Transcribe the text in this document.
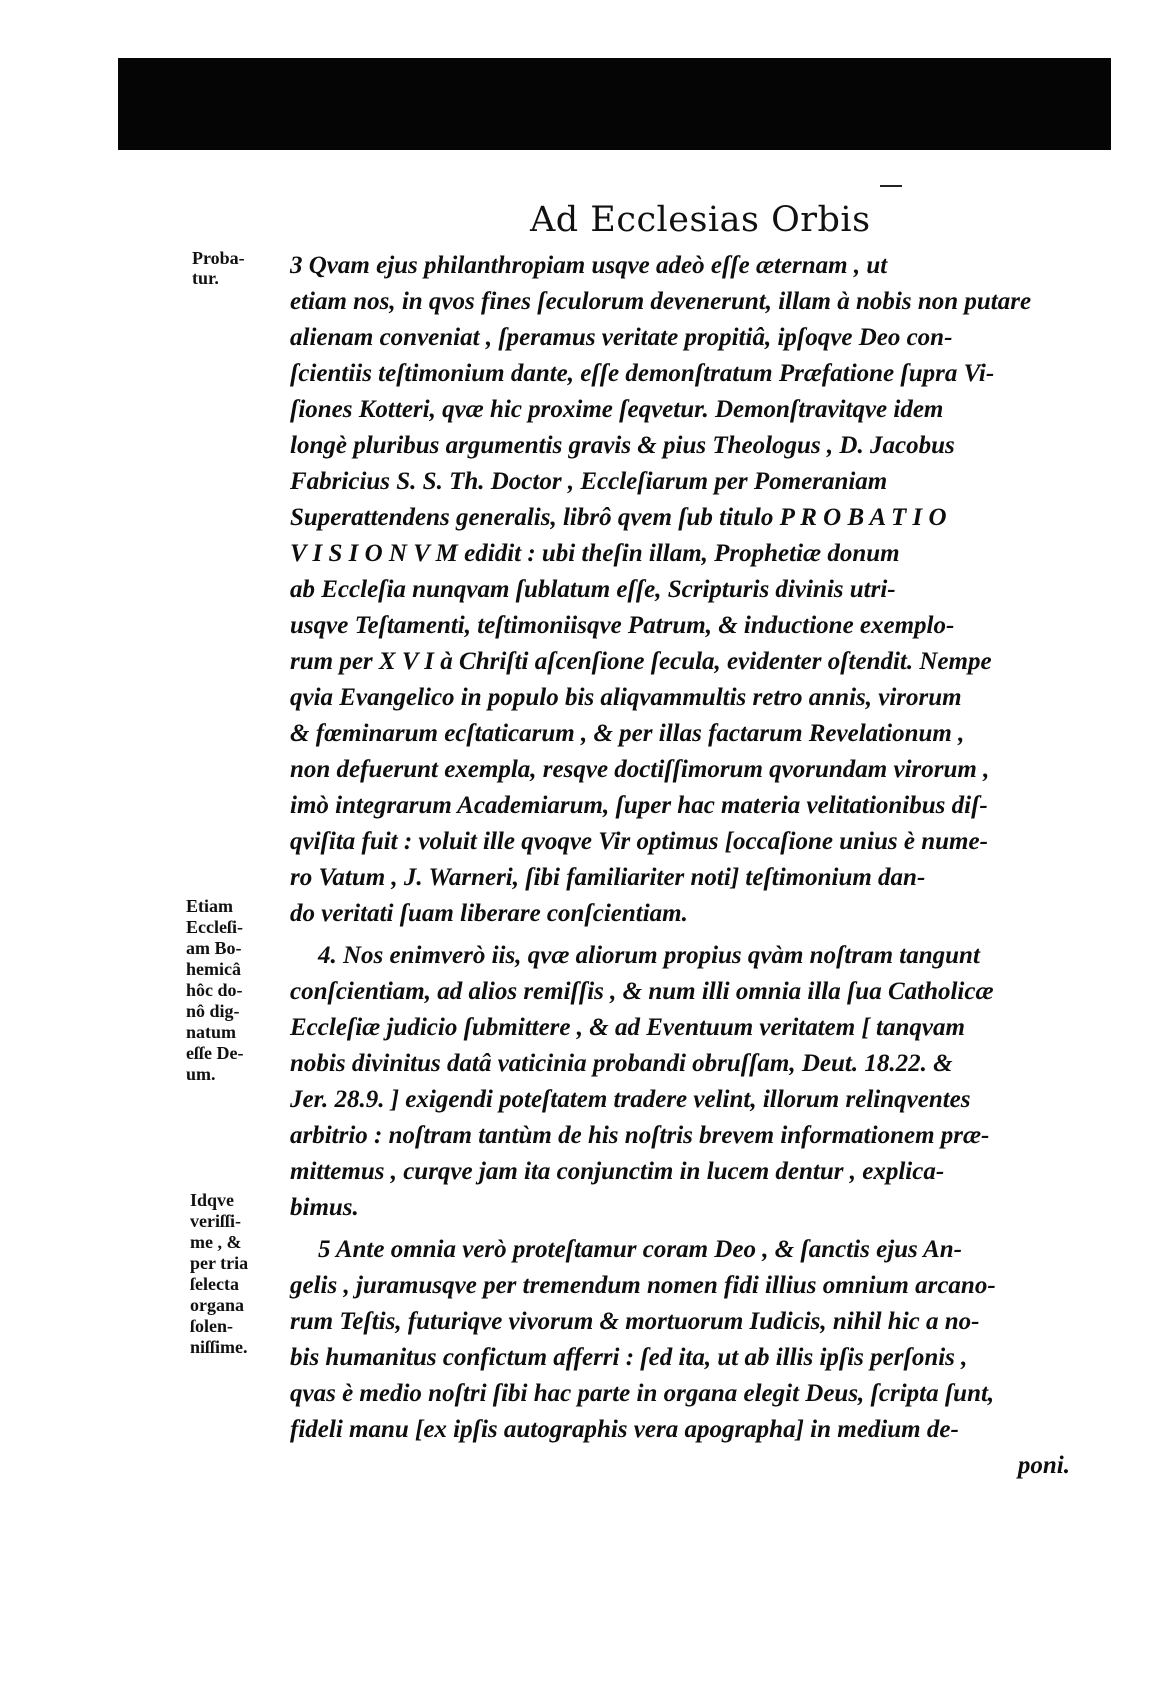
Ad Ecclesias Orbis
Proba-
tur.
Etiam
Eccleſi-
am Bo-
hemicâ
hôc do-
nô dig-
natum
eſſe De-
um.
Idqve
veriſſi-
me , &
per tria
ſelecta
organa
ſolen-
niſſime.
3 Qvam ejus philanthropiam usqve adeò eſſe æternam , ut
etiam nos, in qvos fines ſeculorum devenerunt, illam à nobis non putare
alienam conveniat , ſperamus veritate propitiâ, ipſoqve Deo con-
ſcientiis teſtimonium dante, eſſe demonſtratum Præfatione ſupra Vi-
ſiones Kotteri, qvæ hic proxime ſeqvetur. Demonſtravitqve idem
longè pluribus argumentis gravis & pius Theologus , D. Jacobus
Fabricius S. S. Th. Doctor , Eccleſiarum per Pomeraniam
Superattendens generalis, librô qvem ſub titulo P R O B A T I O
V I S I O N V M edidit : ubi theſin illam, Prophetiæ donum
ab Eccleſia nunqvam ſublatum eſſe, Scripturis divinis utri-
usqve Teſtamenti, teſtimoniisqve Patrum, & inductione exemplo-
rum per X V I à Chriſti aſcenſione ſecula, evidenter oſtendit. Nempe
qvia Evangelico in populo bis aliqvammultis retro annis, virorum
& fœminarum ecſtaticarum , & per illas factarum Revelationum ,
non defuerunt exempla, resqve doctiſſimorum qvorundam virorum ,
imò integrarum Academiarum, ſuper hac materia velitationibus diſ-
qviſita fuit : voluit ille qvoqve Vir optimus [occaſione unius è nume-
ro Vatum , J. Warneri, ſibi familiariter noti] teſtimonium dan-
do veritati ſuam liberare conſcientiam.
4. Nos enimverò iis, qvæ aliorum propius qvàm noſtram tangunt
conſcientiam, ad alios remiſſis , & num illi omnia illa ſua Catholicæ
Eccleſiæ judicio ſubmittere , & ad Eventuum veritatem [ tanqvam
nobis divinitus datâ vaticinia probandi obruſſam, Deut. 18.22. &
Jer. 28.9. ] exigendi poteſtatem tradere velint, illorum relinqventes
arbitrio : noſtram tantùm de his noſtris brevem informationem præ-
mittemus , curqve jam ita conjunctim in lucem dentur , explica-
bimus.
5 Ante omnia verò proteſtamur coram Deo , & ſanctis ejus An-
gelis , juramusqve per tremendum nomen fidi illius omnium arcano-
rum Teſtis, futuriqve vivorum & mortuorum Iudicis, nihil hic a no-
bis humanitus confictum afferri : ſed ita, ut ab illis ipſis perſonis ,
qvas è medio noſtri ſibi hac parte in organa elegit Deus, ſcripta ſunt,
fideli manu [ex ipſis autographis vera apographa] in medium de-
poni.
